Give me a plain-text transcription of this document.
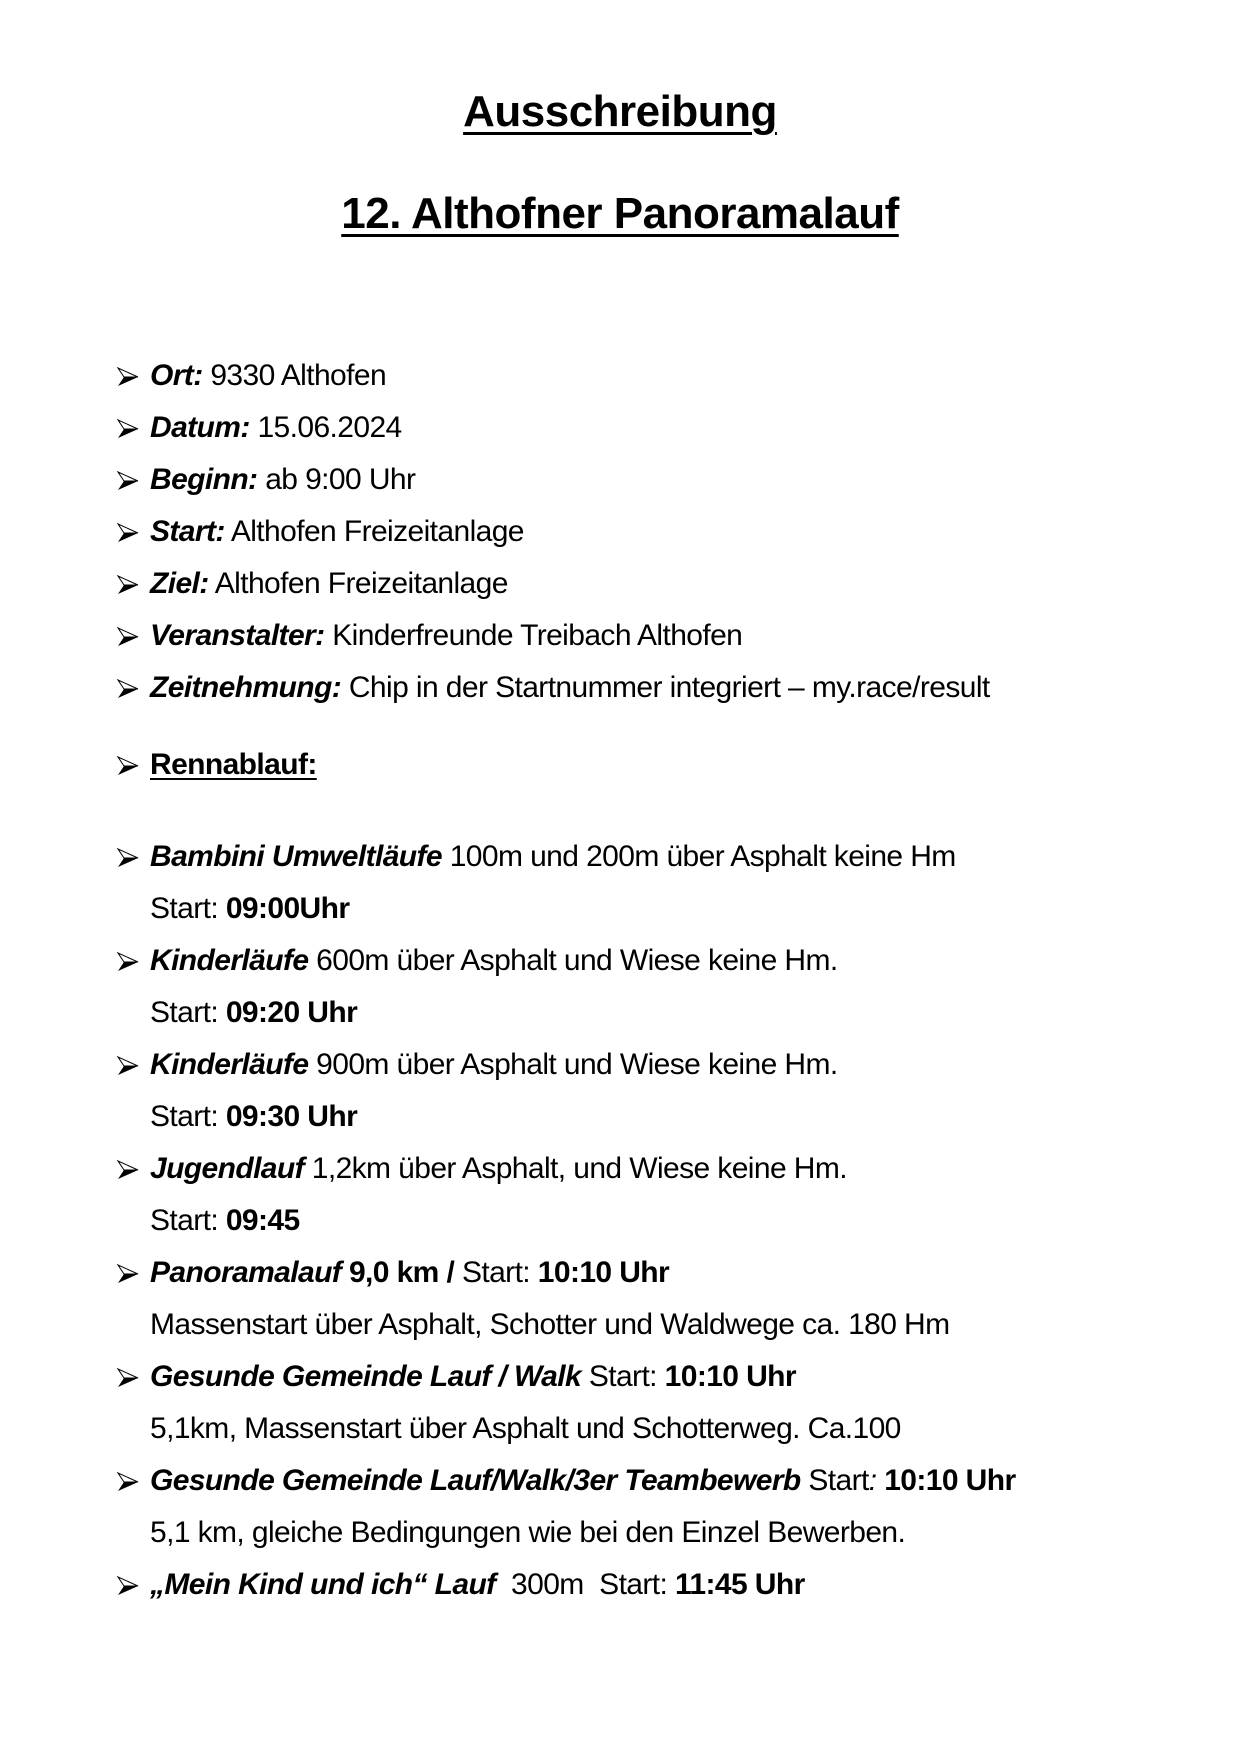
Ausschreibung
12. Althofner Panoramalauf
Ort: 9330 Althofen
Datum: 15.06.2024
Beginn: ab 9:00 Uhr
Start: Althofen Freizeitanlage
Ziel: Althofen Freizeitanlage
Veranstalter: Kinderfreunde Treibach Althofen
Zeitnehmung: Chip in der Startnummer integriert – my.race/result
Rennablauf:
Bambini Umweltläufe 100m und 200m über Asphalt keine Hm
Start: 09:00Uhr
Kinderläufe 600m über Asphalt und Wiese keine Hm.
Start: 09:20 Uhr
Kinderläufe 900m über Asphalt und Wiese keine Hm.
Start: 09:30 Uhr
Jugendlauf 1,2km über Asphalt, und Wiese keine Hm.
Start: 09:45
Panoramalauf 9,0 km / Start: 10:10 Uhr
Massenstart über Asphalt, Schotter und Waldwege ca. 180 Hm
Gesunde Gemeinde Lauf / Walk Start: 10:10 Uhr
5,1km, Massenstart über Asphalt und Schotterweg. Ca.100
Gesunde Gemeinde Lauf/Walk/3er Teambewerb Start: 10:10 Uhr
5,1 km, gleiche Bedingungen wie bei den Einzel Bewerben.
„Mein Kind und ich“ Lauf  300m  Start: 11:45 Uhr
